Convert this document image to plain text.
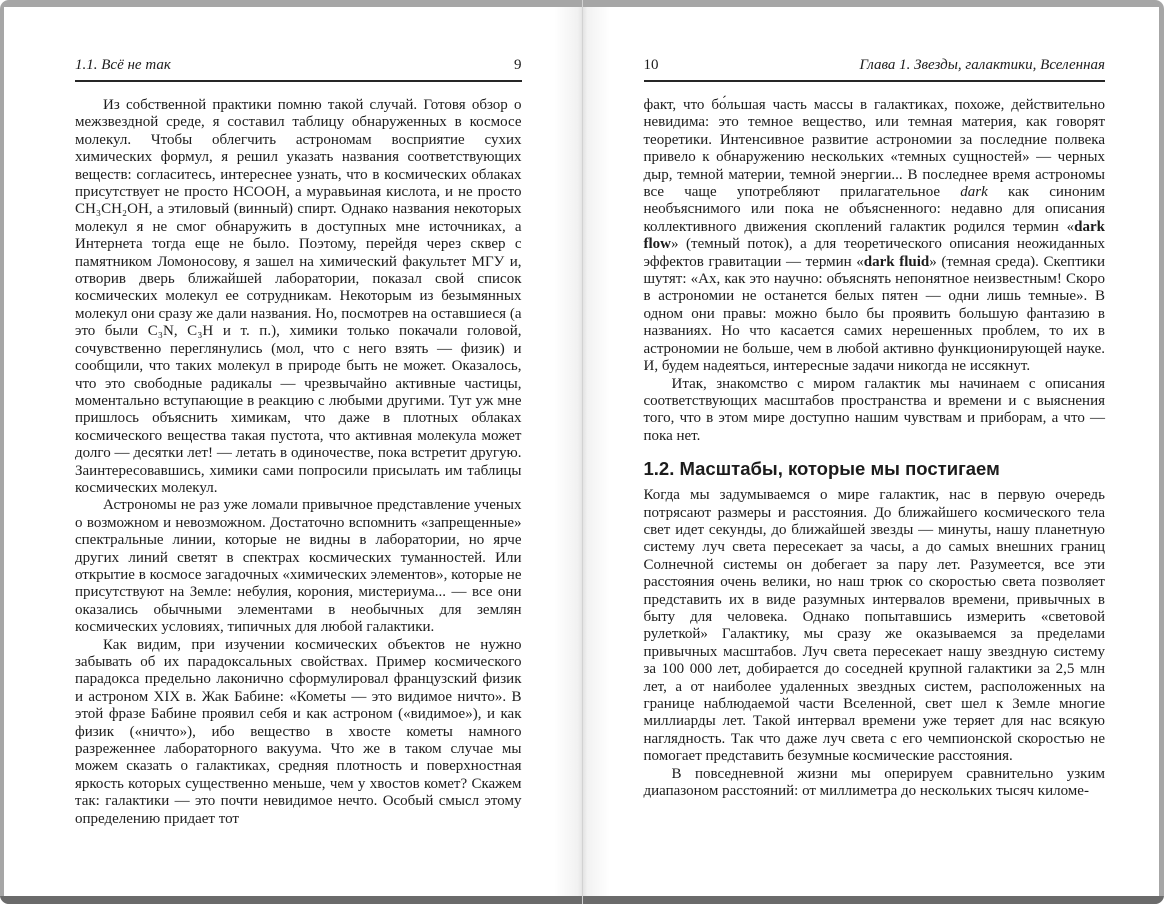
1.1. Всё не так	9

Из собственной практики помню такой случай. Готовя обзор о межзвездной среде, я составил таблицу обнаруженных в космосе молекул. Чтобы облегчить астрономам восприятие сухих химических формул, я решил указать названия соответствующих веществ: согласитесь, интереснее узнать, что в космических облаках присутствует не просто HCOOH, а муравьиная кислота, и не просто CH₃CH₂OH, а этиловый (винный) спирт. Однако названия некоторых молекул я не смог обнаружить в доступных мне источниках, а Интернета тогда еще не было. Поэтому, перейдя через сквер с памятником Ломоносову, я зашел на химический факультет МГУ и, отворив дверь ближайшей лаборатории, показал свой список космических молекул ее сотрудникам. Некоторым из безымянных молекул они сразу же дали названия. Но, посмотрев на оставшиеся (а это были C₃N, C₃H и т. п.), химики только покачали головой, сочувственно переглянулись (мол, что с него взять — физик) и сообщили, что таких молекул в природе быть не может. Оказалось, что это свободные радикалы — чрезвычайно активные частицы, моментально вступающие в реакцию с любыми другими. Тут уж мне пришлось объяснить химикам, что даже в плотных облаках космического вещества такая пустота, что активная молекула может долго — десятки лет! — летать в одиночестве, пока встретит другую. Заинтересовавшись, химики сами попросили присылать им таблицы космических молекул.

Астрономы не раз уже ломали привычное представление ученых о возможном и невозможном. Достаточно вспомнить «запрещенные» спектральные линии, которые не видны в лаборатории, но ярче других линий светят в спектрах космических туманностей. Или открытие в космосе загадочных «химических элементов», которые не присутствуют на Земле: небулия, корония, мистериума... — все они оказались обычными элементами в необычных для землян космических условиях, типичных для любой галактики.

Как видим, при изучении космических объектов не нужно забывать об их парадоксальных свойствах. Пример космического парадокса предельно лаконично сформулировал французский физик и астроном XIX в. Жак Бабине: «Кометы — это видимое ничто». В этой фразе Бабине проявил себя и как астроном («видимое»), и как физик («ничто»), ибо вещество в хвосте кометы намного разреженнее лабораторного вакуума. Что же в таком случае мы можем сказать о галактиках, средняя плотность и поверхностная яркость которых существенно меньше, чем у хвостов комет? Скажем так: галактики — это почти невидимое нечто. Особый смысл этому определению придает тот

10	Глава 1. Звезды, галактики, Вселенная

факт, что бо́льшая часть массы в галактиках, похоже, действительно невидима: это темное вещество, или темная материя, как говорят теоретики. Интенсивное развитие астрономии за последние полвека привело к обнаружению нескольких «темных сущностей» — черных дыр, темной материи, темной энергии... В последнее время астрономы все чаще употребляют прилагательное dark как синоним необъяснимого или пока не объясненного: недавно для описания коллективного движения скоплений галактик родился термин «dark flow» (темный поток), а для теоретического описания неожиданных эффектов гравитации — термин «dark fluid» (темная среда). Скептики шутят: «Ах, как это научно: объяснять непонятное неизвестным! Скоро в астрономии не останется белых пятен — одни лишь темные». В одном они правы: можно было бы проявить большую фантазию в названиях. Но что касается самих нерешенных проблем, то их в астрономии не больше, чем в любой активно функционирующей науке. И, будем надеяться, интересные задачи никогда не иссякнут.

Итак, знакомство с миром галактик мы начинаем с описания соответствующих масштабов пространства и времени и с выяснения того, что в этом мире доступно нашим чувствам и приборам, а что — пока нет.

1.2. Масштабы, которые мы постигаем

Когда мы задумываемся о мире галактик, нас в первую очередь потрясают размеры и расстояния. До ближайшего космического тела свет идет секунды, до ближайшей звезды — минуты, нашу планетную систему луч света пересекает за часы, а до самых внешних границ Солнечной системы он добегает за пару лет. Разумеется, все эти расстояния очень велики, но наш трюк со скоростью света позволяет представить их в виде разумных интервалов времени, привычных в быту для человека. Однако попытавшись измерить «световой рулеткой» Галактику, мы сразу же оказываемся за пределами привычных масштабов. Луч света пересекает нашу звездную систему за 100 000 лет, добирается до соседней крупной галактики за 2,5 млн лет, а от наиболее удаленных звездных систем, расположенных на границе наблюдаемой части Вселенной, свет шел к Земле многие миллиарды лет. Такой интервал времени уже теряет для нас всякую наглядность. Так что даже луч света с его чемпионской скоростью не помогает представить безумные космические расстояния.

В повседневной жизни мы оперируем сравнительно узким диапазоном расстояний: от миллиметра до нескольких тысяч киломе-
